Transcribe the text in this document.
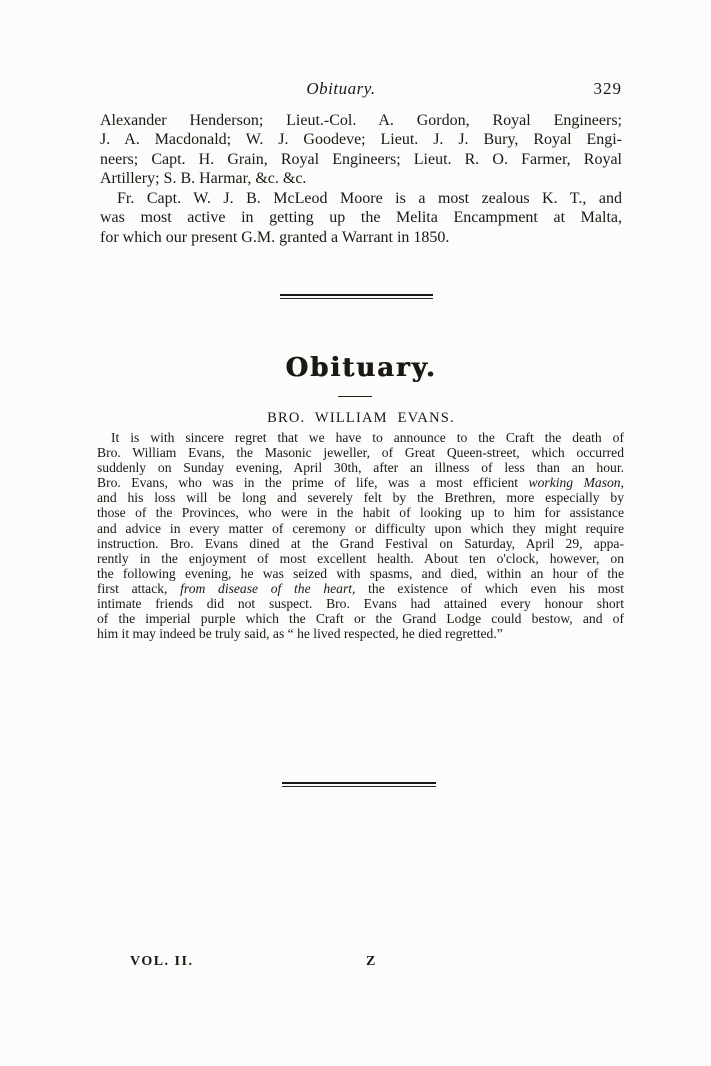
Obituary.	329
Alexander Henderson; Lieut.-Col. A. Gordon, Royal Engineers;
J. A. Macdonald; W. J. Goodeve; Lieut. J. J. Bury, Royal Engi-
neers; Capt. H. Grain, Royal Engineers; Lieut. R. O. Farmer, Royal
Artillery; S. B. Harmar, &c. &c.
Fr. Capt. W. J. B. McLeod Moore is a most zealous K. T., and
was most active in getting up the Melita Encampment at Malta,
for which our present G.M. granted a Warrant in 1850.
Obituary.
BRO. WILLIAM EVANS.
It is with sincere regret that we have to announce to the Craft the death of
Bro. William Evans, the Masonic jeweller, of Great Queen-street, which occurred
suddenly on Sunday evening, April 30th, after an illness of less than an hour.
Bro. Evans, who was in the prime of life, was a most efficient working Mason,
and his loss will be long and severely felt by the Brethren, more especially by
those of the Provinces, who were in the habit of looking up to him for assistance
and advice in every matter of ceremony or difficulty upon which they might require
instruction. Bro. Evans dined at the Grand Festival on Saturday, April 29, appa-
rently in the enjoyment of most excellent health. About ten o'clock, however, on
the following evening, he was seized with spasms, and died, within an hour of the
first attack, from disease of the heart, the existence of which even his most
intimate friends did not suspect. Bro. Evans had attained every honour short
of the imperial purple which the Craft or the Grand Lodge could bestow, and of
him it may indeed be truly said, as “ he lived respected, he died regretted.”
VOL. II.	Z
